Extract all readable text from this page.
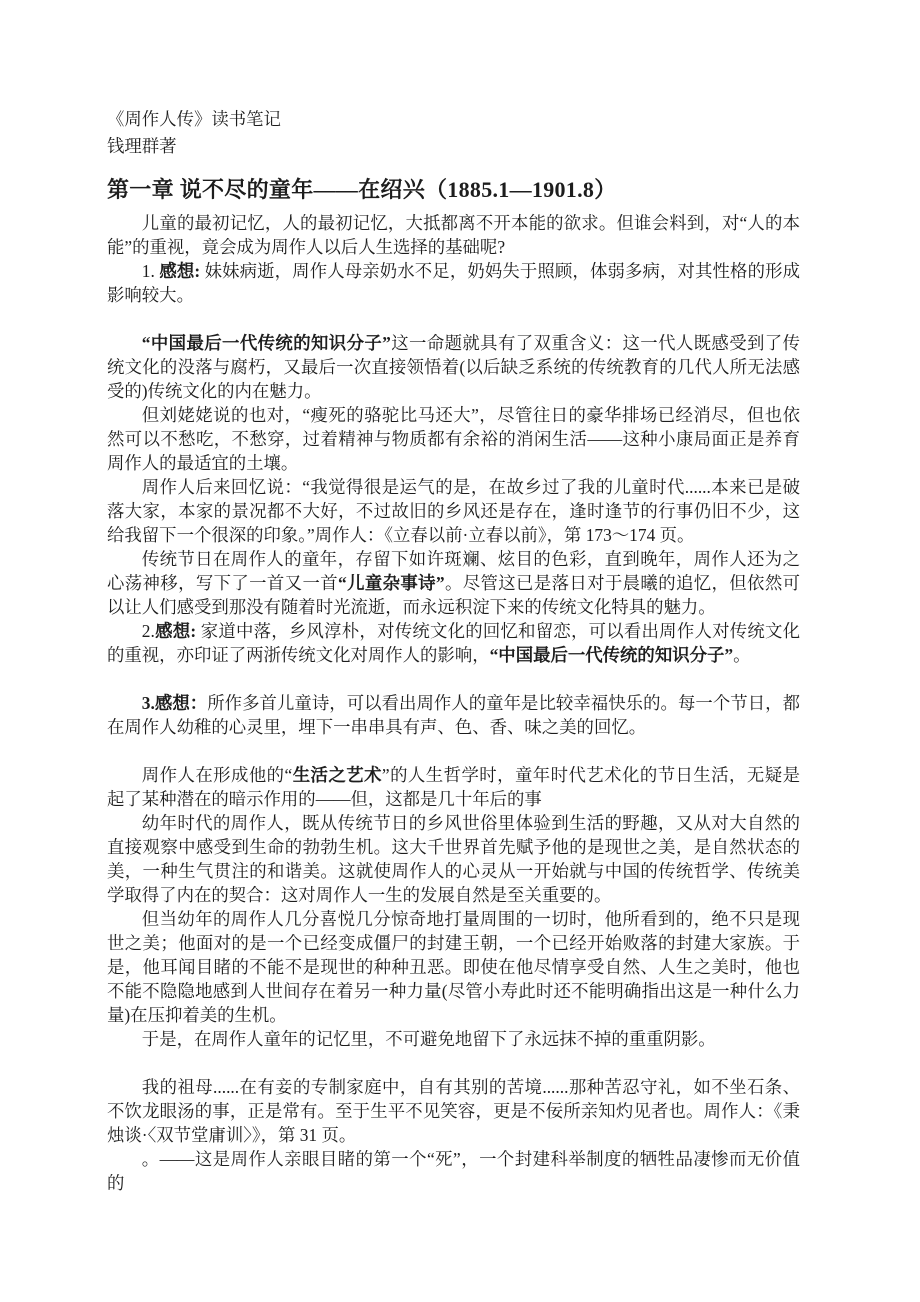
《周作人传》读书笔记

钱理群著

第一章 说不尽的童年——在绍兴（1885.1—1901.8）

儿童的最初记忆，人的最初记忆，大抵都离不开本能的欲求。但谁会料到，对“人的本能”的重视，竟会成为周作人以后人生选择的基础呢?

1. 感想: 妹妹病逝，周作人母亲奶水不足，奶妈失于照顾，体弱多病，对其性格的形成影响较大。

“中国最后一代传统的知识分子”这一命题就具有了双重含义：这一代人既感受到了传统文化的没落与腐朽，又最后一次直接领悟着(以后缺乏系统的传统教育的几代人所无法感受的)传统文化的内在魅力。

但刘姥姥说的也对，“瘦死的骆驼比马还大”，尽管往日的豪华排场已经消尽，但也依然可以不愁吃，不愁穿，过着精神与物质都有余裕的消闲生活——这种小康局面正是养育周作人的最适宜的土壤。

周作人后来回忆说：“我觉得很是运气的是，在故乡过了我的儿童时代......本来已是破落大家，本家的景况都不大好，不过故旧的乡风还是存在，逢时逢节的行事仍旧不少，这给我留下一个很深的印象。”周作人：《立春以前·立春以前》，第 173～174 页。

传统节日在周作人的童年，存留下如许斑斓、炫目的色彩，直到晚年，周作人还为之心荡神移，写下了一首又一首“儿童杂事诗”。尽管这已是落日对于晨曦的追忆，但依然可以让人们感受到那没有随着时光流逝，而永远积淀下来的传统文化特具的魅力。

2.感想: 家道中落，乡风淳朴，对传统文化的回忆和留恋，可以看出周作人对传统文化的重视，亦印证了两浙传统文化对周作人的影响，“中国最后一代传统的知识分子”。

3.感想：所作多首儿童诗，可以看出周作人的童年是比较幸福快乐的。每一个节日，都在周作人幼稚的心灵里，埋下一串串具有声、色、香、味之美的回忆。

周作人在形成他的“生活之艺术”的人生哲学时，童年时代艺术化的节日生活，无疑是起了某种潜在的暗示作用的——但，这都是几十年后的事

幼年时代的周作人，既从传统节日的乡风世俗里体验到生活的野趣，又从对大自然的直接观察中感受到生命的勃勃生机。这大千世界首先赋予他的是现世之美，是自然状态的美，一种生气贯注的和谐美。这就使周作人的心灵从一开始就与中国的传统哲学、传统美学取得了内在的契合：这对周作人一生的发展自然是至关重要的。

但当幼年的周作人几分喜悦几分惊奇地打量周围的一切时，他所看到的，绝不只是现世之美；他面对的是一个已经变成僵尸的封建王朝，一个已经开始败落的封建大家族。于是，他耳闻目睹的不能不是现世的种种丑恶。即使在他尽情享受自然、人生之美时，他也不能不隐隐地感到人世间存在着另一种力量(尽管小寿此时还不能明确指出这是一种什么力量)在压抑着美的生机。

于是，在周作人童年的记忆里，不可避免地留下了永远抹不掉的重重阴影。

我的祖母......在有妾的专制家庭中，自有其别的苦境......那种苦忍守礼，如不坐石条、不饮龙眼汤的事，正是常有。至于生平不见笑容，更是不佞所亲知灼见者也。周作人：《秉烛谈·〈双节堂庸训〉》，第 31 页。

。——这是周作人亲眼目睹的第一个“死”，一个封建科举制度的牺牲品凄惨而无价值的
